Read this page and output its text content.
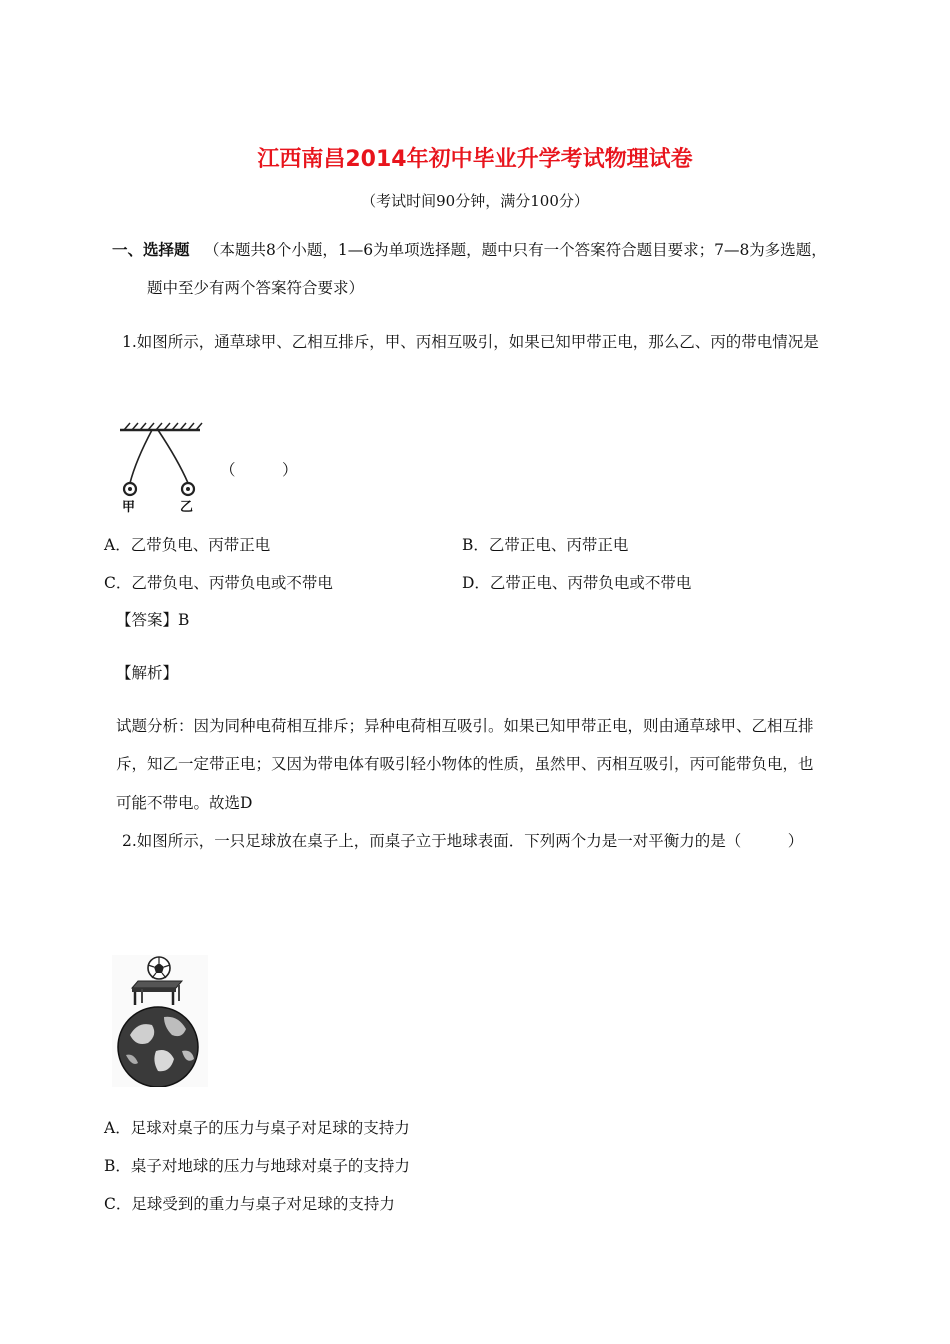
江西南昌2014年初中毕业升学考试物理试卷
（考试时间90分钟，满分100分）
一、选择题 （本题共8个小题，1—6为单项选择题，题中只有一个答案符合题目要求；7—8为多选题，
题中至少有两个答案符合要求）
1.如图所示，通草球甲、乙相互排斥，甲、丙相互吸引，如果已知甲带正电，那么乙、丙的带电情况是
甲	乙
（　　　）
A．乙带负电、丙带正电	B．乙带正电、丙带正电
C．乙带负电、丙带负电或不带电	D．乙带正电、丙带负电或不带电
【答案】B
【解析】
试题分析：因为同种电荷相互排斥；异种电荷相互吸引。如果已知甲带正电，则由通草球甲、乙相互排
斥，知乙一定带正电；又因为带电体有吸引轻小物体的性质，虽然甲、丙相互吸引，丙可能带负电，也
可能不带电。故选D
2.如图所示，一只足球放在桌子上，而桌子立于地球表面．下列两个力是一对平衡力的是（　　　）
A．足球对桌子的压力与桌子对足球的支持力
B．桌子对地球的压力与地球对桌子的支持力
C．足球受到的重力与桌子对足球的支持力
